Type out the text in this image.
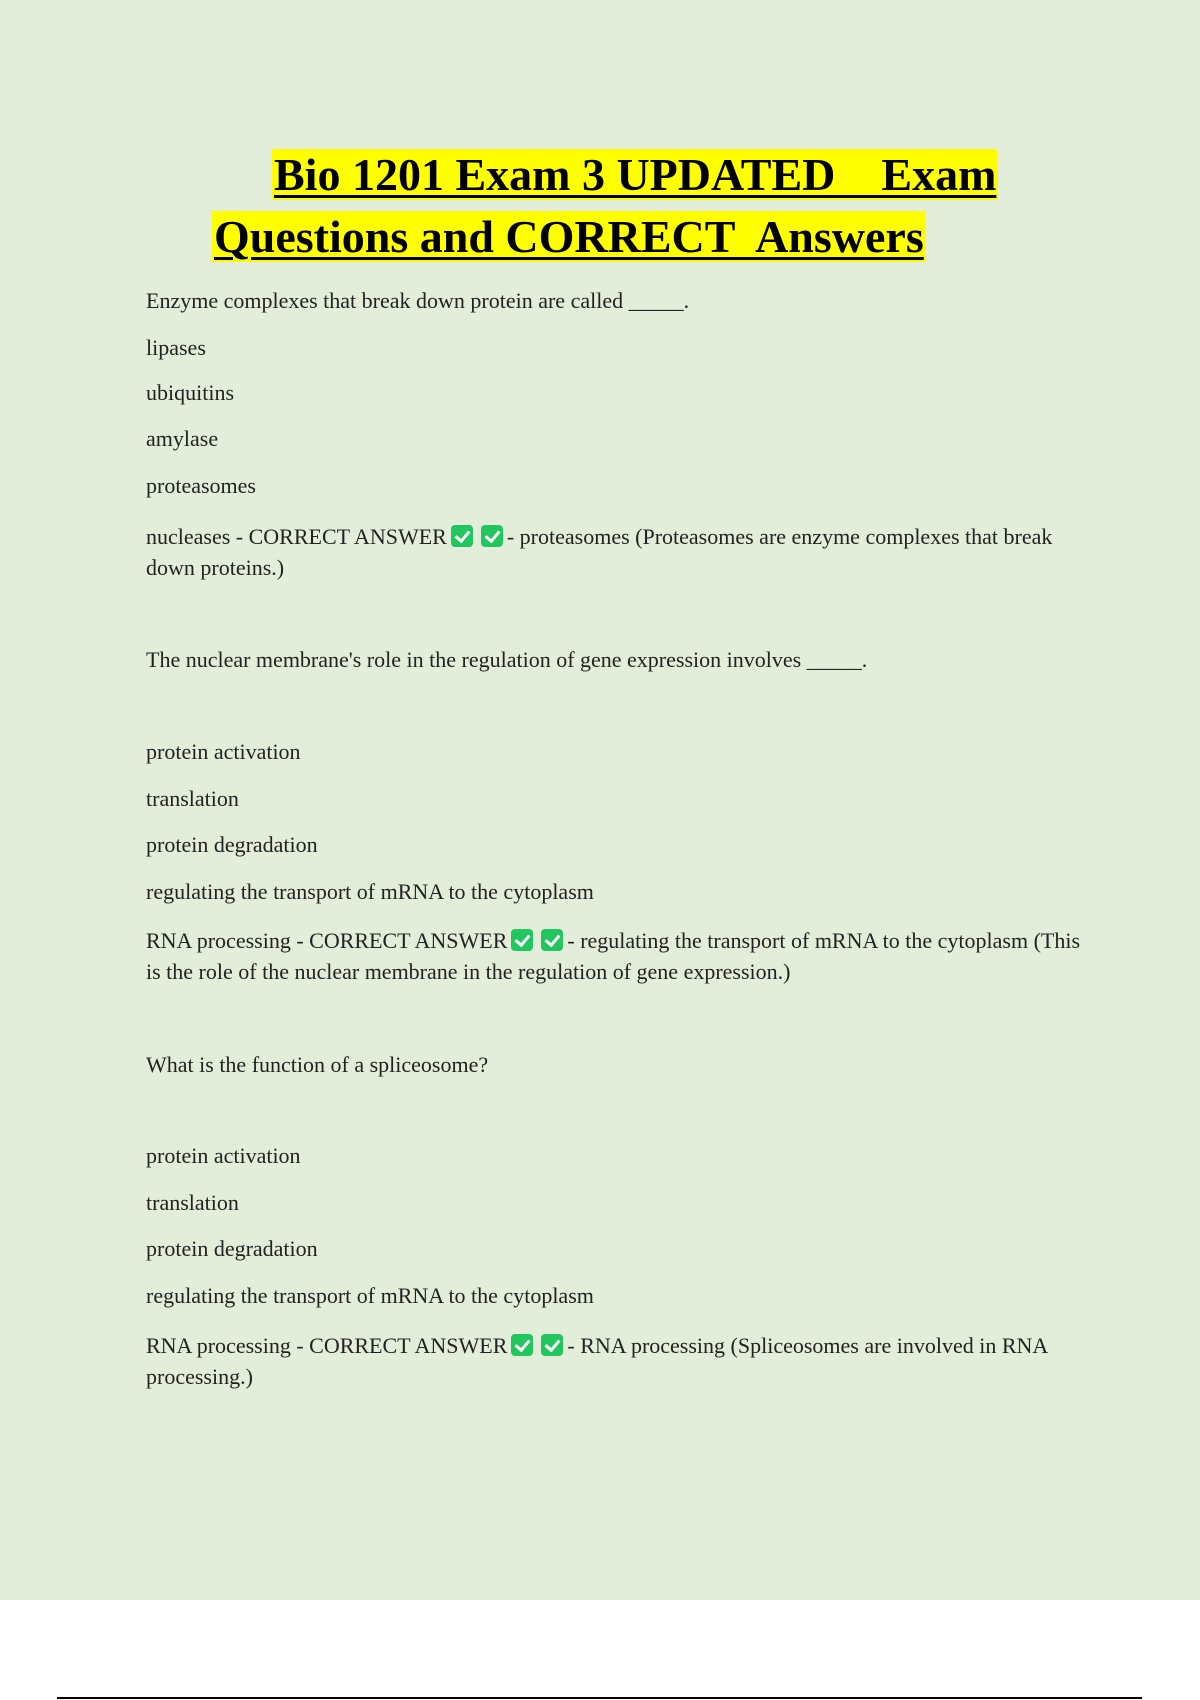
Bio 1201 Exam 3 UPDATED    Exam
Questions and CORRECT  Answers
Enzyme complexes that break down protein are called _____.
lipases
ubiquitins
amylase
proteasomes
nucleases - CORRECT ANSWER	- proteasomes (Proteasomes are enzyme complexes that break down proteins.)
The nuclear membrane's role in the regulation of gene expression involves _____.
protein activation
translation
protein degradation
regulating the transport of mRNA to the cytoplasm
RNA processing - CORRECT ANSWER	- regulating the transport of mRNA to the cytoplasm (This is the role of the nuclear membrane in the regulation of gene expression.)
What is the function of a spliceosome?
protein activation
translation
protein degradation
regulating the transport of mRNA to the cytoplasm
RNA processing - CORRECT ANSWER	- RNA processing (Spliceosomes are involved in RNA processing.)
